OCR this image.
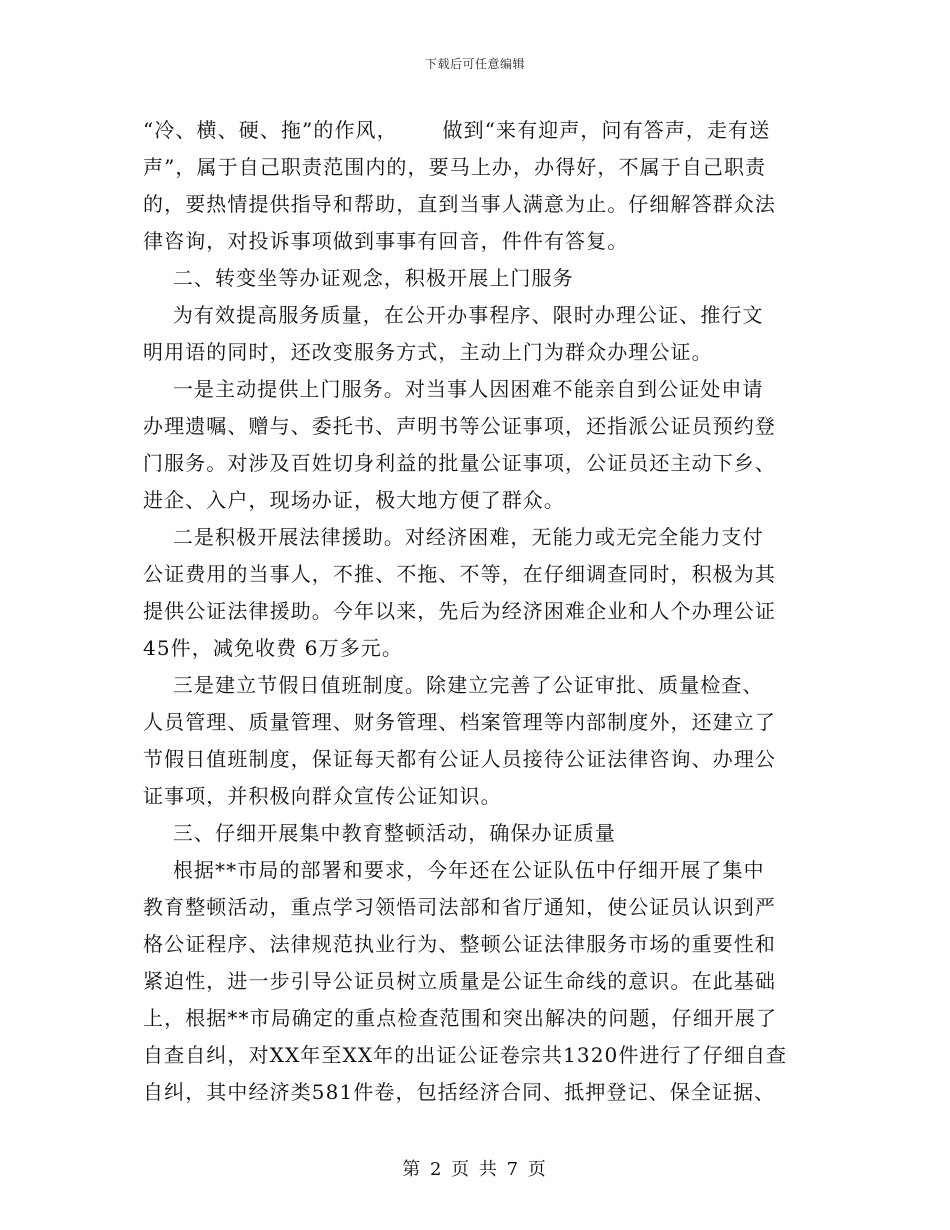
下载后可任意编辑
“冷、横、硬、拖”的作风，      做到“来有迎声，问有答声，走有送
声”，属于自己职责范围内的，要马上办，办得好，不属于自己职责
的，要热情提供指导和帮助，直到当事人满意为止。仔细解答群众法
律咨询，对投诉事项做到事事有回音，件件有答复。
二、转变坐等办证观念，积极开展上门服务
为有效提高服务质量，在公开办事程序、限时办理公证、推行文
明用语的同时，还改变服务方式，主动上门为群众办理公证。
一是主动提供上门服务。对当事人因困难不能亲自到公证处申请
办理遗嘱、赠与、委托书、声明书等公证事项，还指派公证员预约登
门服务。对涉及百姓切身利益的批量公证事项，公证员还主动下乡、
进企、入户，现场办证，极大地方便了群众。
二是积极开展法律援助。对经济困难，无能力或无完全能力支付
公证费用的当事人，不推、不拖、不等，在仔细调查同时，积极为其
提供公证法律援助。今年以来，先后为经济困难企业和人个办理公证
45件，减免收费 6万多元。
三是建立节假日值班制度。除建立完善了公证审批、质量检查、
人员管理、质量管理、财务管理、档案管理等内部制度外，还建立了
节假日值班制度，保证每天都有公证人员接待公证法律咨询、办理公
证事项，并积极向群众宣传公证知识。
三、仔细开展集中教育整顿活动，确保办证质量
根据**市局的部署和要求，今年还在公证队伍中仔细开展了集中
教育整顿活动，重点学习领悟司法部和省厅通知，使公证员认识到严
格公证程序、法律规范执业行为、整顿公证法律服务市场的重要性和
紧迫性，进一步引导公证员树立质量是公证生命线的意识。在此基础
上，根据**市局确定的重点检查范围和突出解决的问题，仔细开展了
自查自纠，对XX年至XX年的出证公证卷宗共1320件进行了仔细自查
自纠，其中经济类581件卷，包括经济合同、抵押登记、保全证据、
第 2 页 共 7 页
